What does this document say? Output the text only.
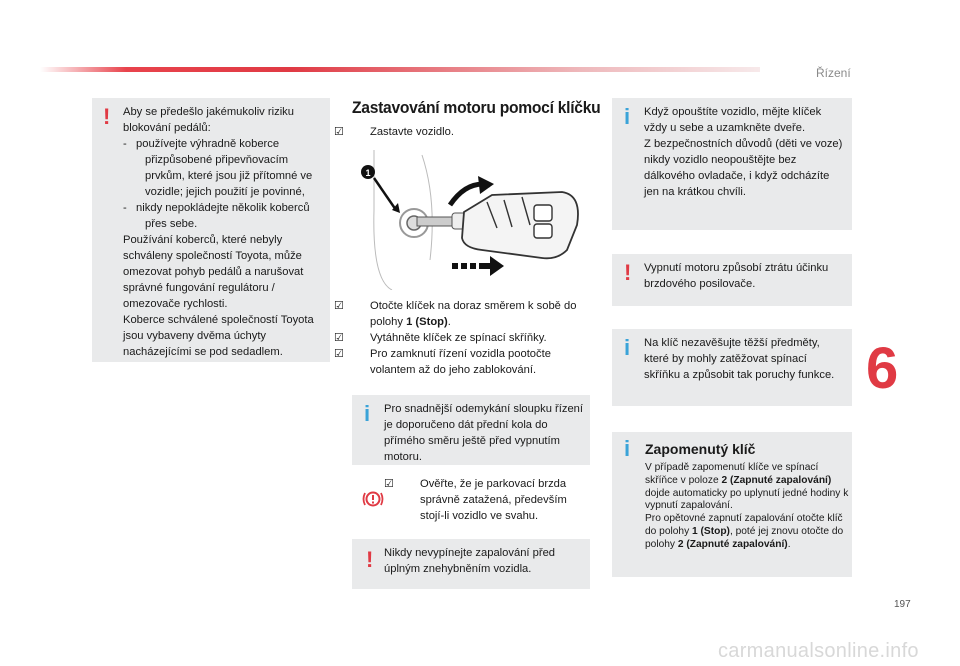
Řízení
6
197
! Aby se předešlo jakémukoliv riziku

blokování pedálů:

-   používejte výhradně koberce přizpůsobené připevňovacím prvkům, které jsou již přítomné ve vozidle; jejich použití je povinné,

-   nikdy nepokládejte několik koberců přes sebe.

Používání koberců, které nebyly schváleny společností Toyota, může omezovat pohyb pedálů a narušovat správné fungování regulátoru / omezovače rychlosti.

Koberce schválené společností Toyota jsou vybaveny dvěma úchyty nacházejícími se pod sedadlem.

Zastavování motoru pomocí klíčku

☑ Zastavte vozidlo.

1

☑ Otočte klíček na doraz směrem k sobě do polohy 1 (Stop).

☑ Vytáhněte klíček ze spínací skříňky.

☑ Pro zamknutí řízení vozidla pootočte volantem až do jeho zablokování.

i Pro snadnější odemykání sloupku řízení je doporučeno dát přední kola do přímého směru ještě před vypnutím motoru.

☑ Ověřte, že je parkovací brzda správně zatažená, především stojí-li vozidlo ve svahu.

! Nikdy nevypínejte zapalování před úplným znehybněním vozidla.
i Když opouštíte vozidlo, mějte klíček vždy u sebe a uzamkněte dveře.
Z bezpečnostních důvodů (děti ve voze) nikdy vozidlo neopouštějte bez dálkového ovladače, i když odcházíte jen na krátkou chvíli.
! Vypnutí motoru způsobí ztrátu účinku brzdového posilovače.
i Na klíč nezavěšujte těžší předměty, které by mohly zatěžovat spínací skříňku a způsobit tak poruchy funkce.
i Zapomenutý klíč

V případě zapomenutí klíče ve spínací skříňce v poloze 2 (Zapnuté zapalování) dojde automaticky po uplynutí jedné hodiny k vypnutí zapalování.

Pro opětovné zapnutí zapalování otočte klíč do polohy 1 (Stop), poté jej znovu otočte do polohy 2 (Zapnuté zapalování).

carmanualsonline.info
